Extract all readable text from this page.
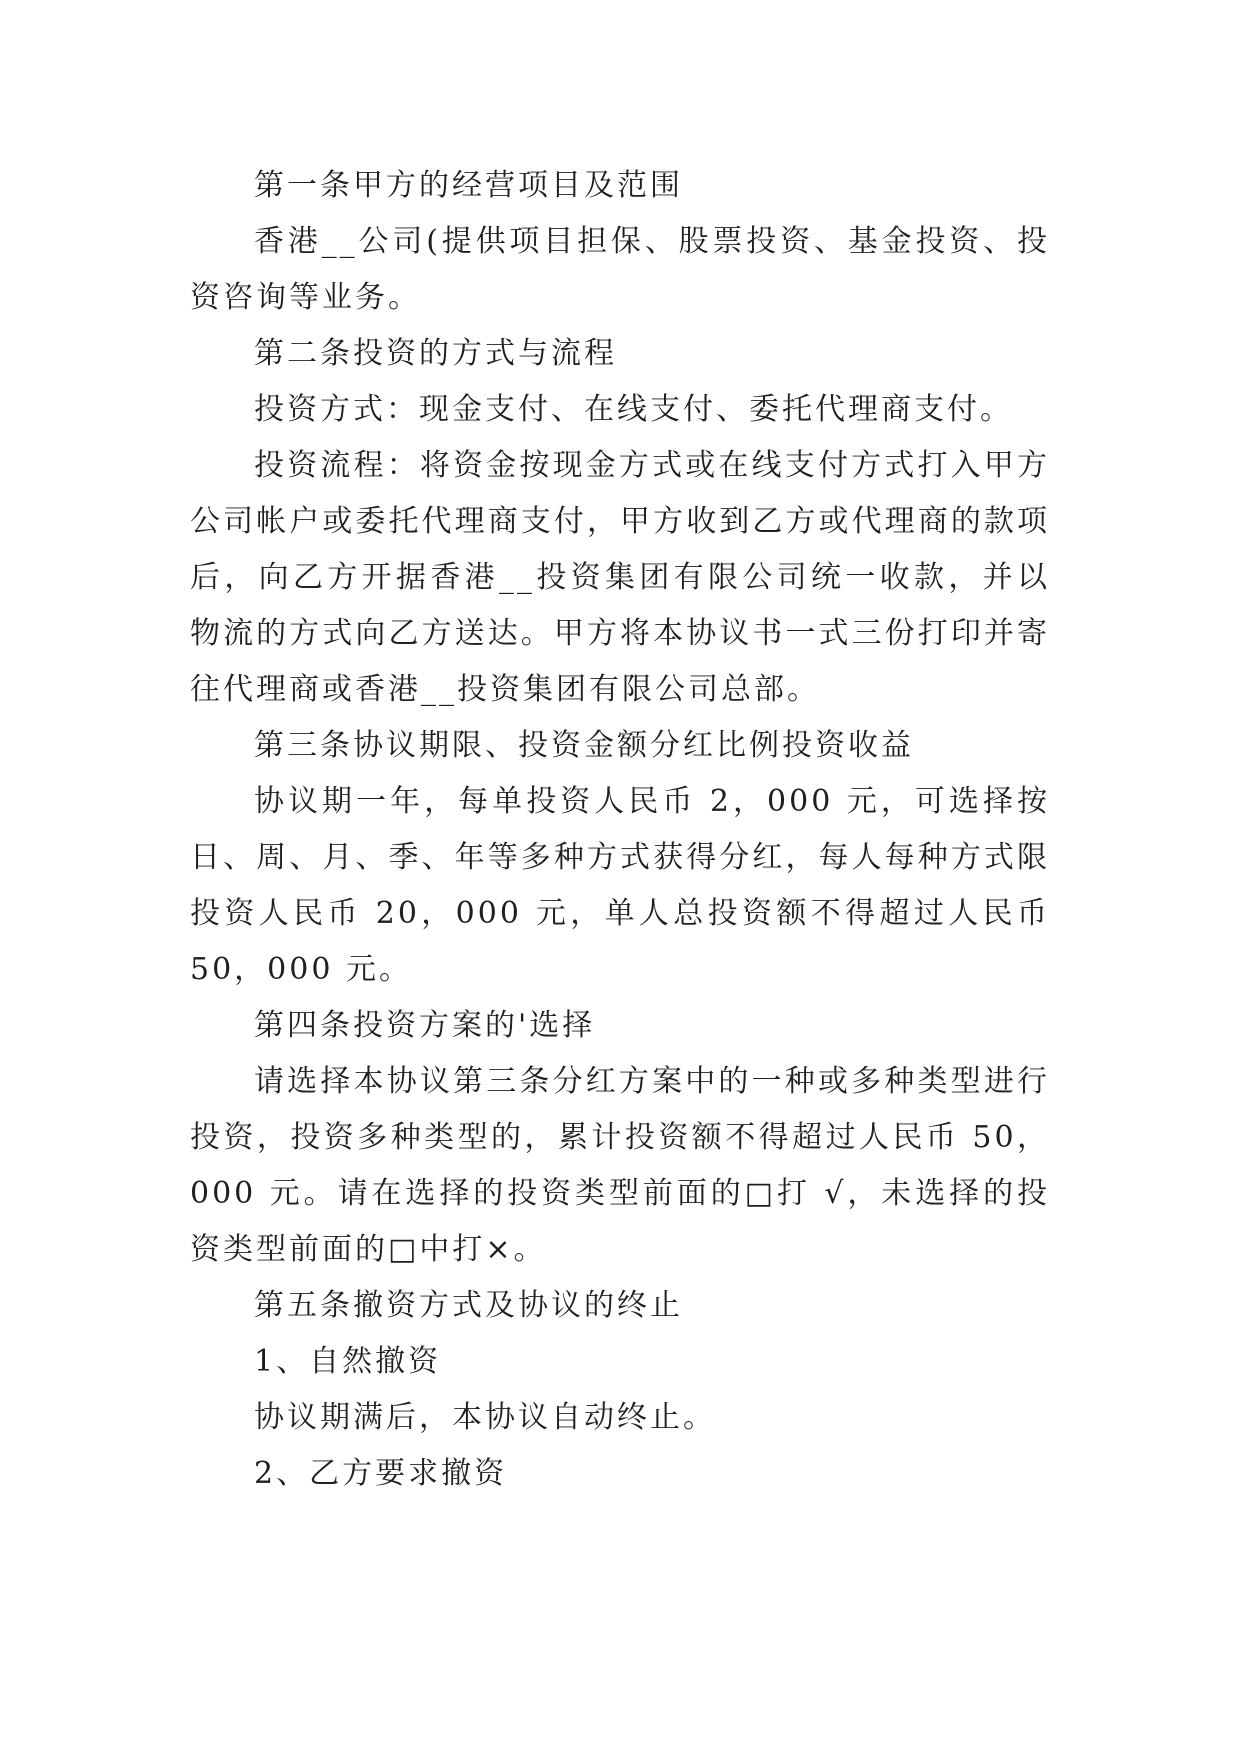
第一条甲方的经营项目及范围

香港__公司(提供项目担保、股票投资、基金投资、投资咨询等业务。

第二条投资的方式与流程

投资方式：现金支付、在线支付、委托代理商支付。

投资流程：将资金按现金方式或在线支付方式打入甲方公司帐户或委托代理商支付，甲方收到乙方或代理商的款项后，向乙方开据香港__投资集团有限公司统一收款，并以物流的方式向乙方送达。甲方将本协议书一式三份打印并寄往代理商或香港__投资集团有限公司总部。

第三条协议期限、投资金额分红比例投资收益

协议期一年，每单投资人民币 2，000 元，可选择按日、周、月、季、年等多种方式获得分红，每人每种方式限投资人民币 20，000 元，单人总投资额不得超过人民币 50，000 元。

第四条投资方案的'选择

请选择本协议第三条分红方案中的一种或多种类型进行投资，投资多种类型的，累计投资额不得超过人民币 50，000 元。请在选择的投资类型前面的□打 √，未选择的投资类型前面的□中打×。

第五条撤资方式及协议的终止

1、自然撤资

协议期满后，本协议自动终止。

2、乙方要求撤资
